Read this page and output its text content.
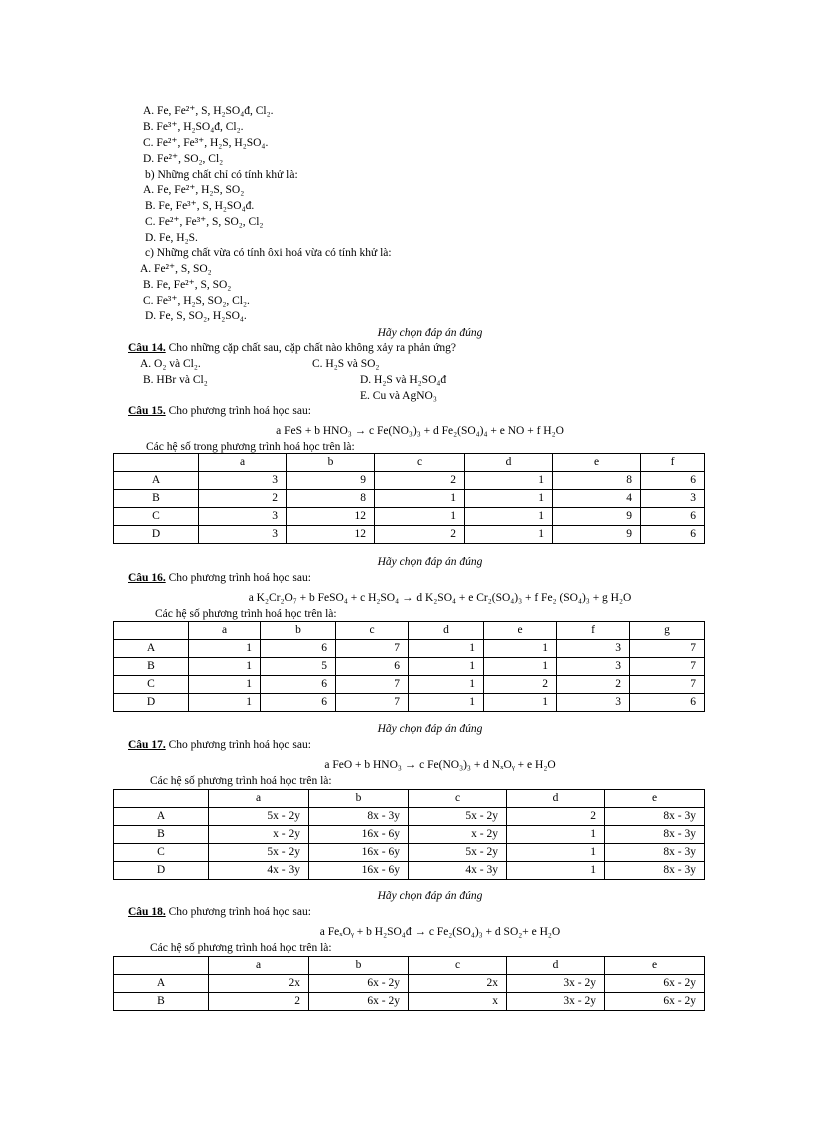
A. Fe, Fe²⁺, S, H₂SO₄đ, Cl₂.
B. Fe³⁺, H₂SO₄đ, Cl₂.
C. Fe²⁺, Fe³⁺, H₂S, H₂SO₄.
D. Fe²⁺, SO₂, Cl₂
b) Những chất chỉ có tính khử là:
A. Fe, Fe²⁺, H₂S, SO₂
B. Fe, Fe³⁺, S, H₂SO₄đ.
C. Fe²⁺, Fe³⁺, S, SO₂, Cl₂
D. Fe, H₂S.
c) Những chất vừa có tính ôxi hoá vừa có tính khử là:
A. Fe²⁺, S, SO₂
B. Fe, Fe²⁺, S, SO₂
C. Fe³⁺, H₂S, SO₂, Cl₂.
D. Fe, S, SO₂, H₂SO₄.
Hãy chọn đáp án đúng
Hãy chọn đáp án đúng
Hãy chọn đáp án đúng
Hãy chọn đáp án đúng
Câu 14. Cho những cặp chất sau, cặp chất nào không xảy ra phản ứng?
A. O₂ và Cl₂.	C. H₂S và SO₂
B. HBr và Cl₂	D. H₂S và H₂SO₄đ
E. Cu và AgNO₃
Câu 15. Cho phương trình hoá học sau:
a FeS + b HNO₃ → c Fe(NO₃)₃ + d Fe₂(SO₄)₄ + e NO + f H₂O
Các hệ số trong phương trình hoá học trên là:
	a	b	c	d	e	f
A	3	9	2	1	8	6
B	2	8	1	1	4	3
C	3	12	1	1	9	6
D	3	12	2	1	9	6
Câu 16. Cho phương trình hoá học sau:
a K₂Cr₂O₇ + b FeSO₄ + c H₂SO₄ → d K₂SO₄ + e Cr₂(SO₄)₃ + f Fe₂ (SO₄)₃ + g H₂O
Các hệ số phương trình hoá học trên là:
	a	b	c	d	e	f	g
A	1	6	7	1	1	3	7
B	1	5	6	1	1	3	7
C	1	6	7	1	2	2	7
D	1	6	7	1	1	3	6
Câu 17. Cho phương trình hoá học sau:
a FeO + b HNO₃ → c Fe(NO₃)₃ + d NₓOᵧ + e H₂O
Các hệ số phương trình hoá học trên là:
	a	b	c	d	e
A	5x - 2y	8x - 3y	5x - 2y	2	8x - 3y
B	x - 2y	16x - 6y	x - 2y	1	8x - 3y
C	5x - 2y	16x - 6y	5x - 2y	1	8x - 3y
D	4x - 3y	16x - 6y	4x - 3y	1	8x - 3y
Câu 18. Cho phương trình hoá học sau:
a FeₓOᵧ + b H₂SO₄đ → c Fe₂(SO₄)₃ + d SO₂+ e H₂O
Các hệ số phương trình hoá học trên là:
	a	b	c	d	e
A	2x	6x - 2y	2x	3x - 2y	6x - 2y
B	2	6x - 2y	x	3x - 2y	6x - 2y
